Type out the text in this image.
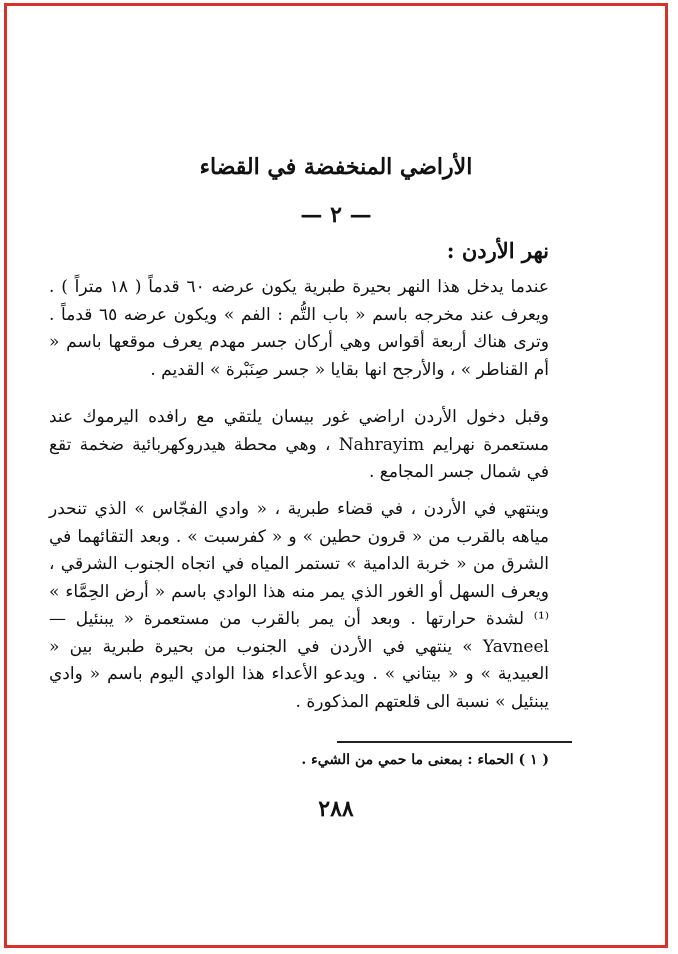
الأراضي المنخفضة في القضاء
— ٢ —
نهر الأردن :
عندما يدخل هذا النهر بحيرة طبرية يكون عرضه ٦٠ قدماً ( ١٨ متراً ) . ويعرف عند مخرجه باسم « باب التُّم : الفم » ويكون عرضه ٦٥ قدماً . وترى هناك أربعة أقواس وهي أركان جسر مهدم يعرف موقعها باسم « أم القناطر » ، والأرجح انها بقايا « جسر صِنَبْرة » القديم .
وقبل دخول الأردن اراضي غور بيسان يلتقي مع رافده اليرموك عند مستعمرة نهرايم Nahrayim ، وهي محطة هيدروكهربائية ضخمة تقع في شمال جسر المجامع .
وينتهي في الأردن ، في قضاء طبرية ، « وادي الفجّاس » الذي تنحدر مياهه بالقرب من « قرون حطين » و « كفرسبت » . وبعد التقائهما في الشرق من « خربة الدامية » تستمر المياه في اتجاه الجنوب الشرقي ، ويعرف السهل أو الغور الذي يمر منه هذا الوادي باسم « أرض الحِمَّاء » ⁽¹⁾ لشدة حرارتها . وبعد أن يمر بالقرب من مستعمرة « يبنئيل — Yavneel » ينتهي في الأردن في الجنوب من بحيرة طبرية بين « العبيدية » و « بيتاني » . ويدعو الأعداء هذا الوادي اليوم باسم « وادي يبنئيل » نسبة الى قلعتهم المذكورة .
( ١ ) الحماء : بمعنى ما حمي من الشيء .
٢٨٨
